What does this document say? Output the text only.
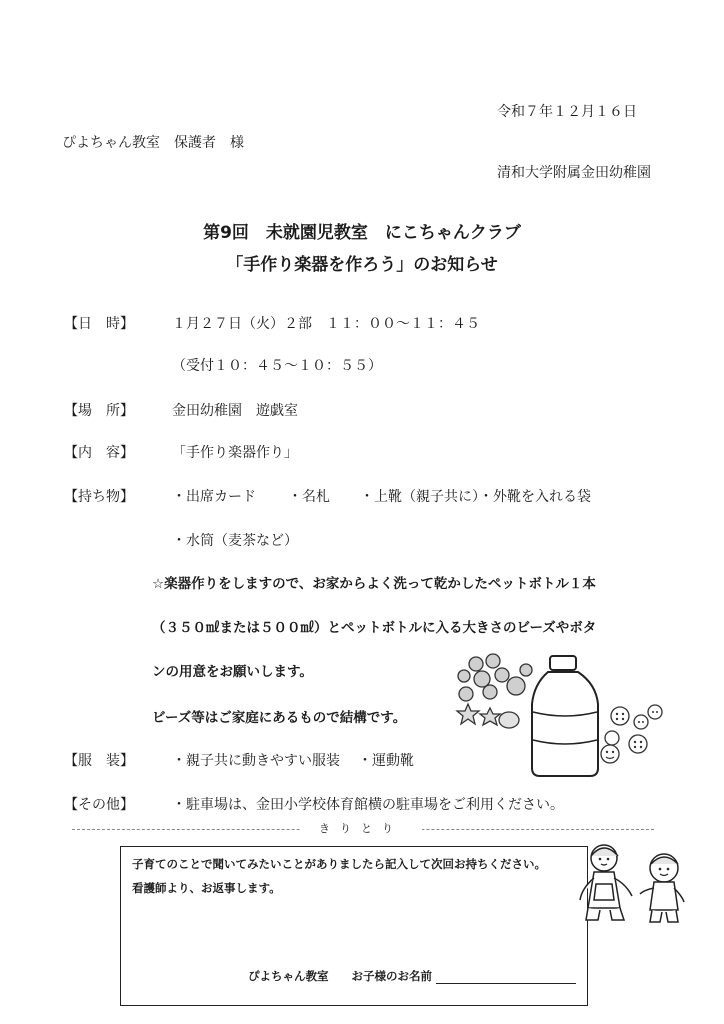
令和７年１２月１６日
ぴよちゃん教室　保護者　様
清和大学附属金田幼稚園
第9回　未就園児教室　にこちゃんクラブ
「手作り楽器を作ろう」のお知らせ
【日　時】	１月２７日（火）２部　１１：００～１１：４５
（受付１０：４５～１０：５５）
【場　所】	金田幼稚園　遊戯室
【内　容】	「手作り楽器作り」
【持ち物】	・出席カード ・名札 ・上靴（親子共に）・外靴を入れる袋
・水筒（麦茶など）
☆楽器作りをしますので、お家からよく洗って乾かしたペットボトル１本
（３５０㎖または５００㎖）とペットボトルに入る大きさのビーズやボタ
ンの用意をお願いします。
ビーズ等はご家庭にあるもので結構です。
【服　装】	・親子共に動きやすい服装 ・運動靴
【その他】	・駐車場は、金田小学校体育館横の駐車場をご利用ください。
きりとり
子育てのことで聞いてみたいことがありましたら記入して次回お持ちください。
看護師より、お返事します。
ぴよちゃん教室　　お子様のお名前
